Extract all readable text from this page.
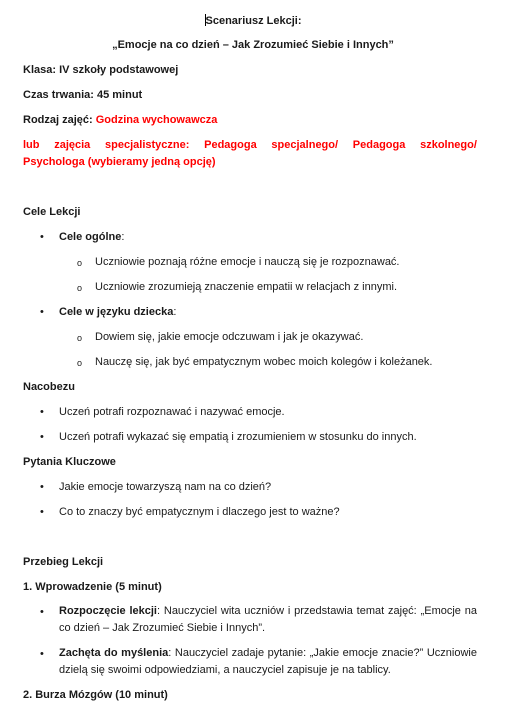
Scenariusz Lekcji:
„Emocje na co dzień – Jak Zrozumieć Siebie i Innych”
Klasa: IV szkoły podstawowej
Czas trwania: 45 minut
Rodzaj zajęć: Godzina wychowawcza
lub zajęcia specjalistyczne: Pedagoga specjalnego/ Pedagoga szkolnego/
Psychologa (wybieramy jedną opcję)
Cele Lekcji
•
Cele ogólne:
o
Uczniowie poznają różne emocje i nauczą się je rozpoznawać.
o
Uczniowie zrozumieją znaczenie empatii w relacjach z innymi.
•
Cele w języku dziecka:
o
Dowiem się, jakie emocje odczuwam i jak je okazywać.
o
Nauczę się, jak być empatycznym wobec moich kolegów i koleżanek.
Nacobezu
•
Uczeń potrafi rozpoznawać i nazywać emocje.
•
Uczeń potrafi wykazać się empatią i zrozumieniem w stosunku do innych.
Pytania Kluczowe
•
Jakie emocje towarzyszą nam na co dzień?
•
Co to znaczy być empatycznym i dlaczego jest to ważne?
Przebieg Lekcji
1. Wprowadzenie (5 minut)
•
Rozpoczęcie lekcji: Nauczyciel wita uczniów i przedstawia temat zajęć: „Emocje na co dzień – Jak Zrozumieć Siebie i Innych”.
•
Zachęta do myślenia: Nauczyciel zadaje pytanie: „Jakie emocje znacie?” Uczniowie dzielą się swoimi odpowiedziami, a nauczyciel zapisuje je na tablicy.
2. Burza Mózgów (10 minut)
